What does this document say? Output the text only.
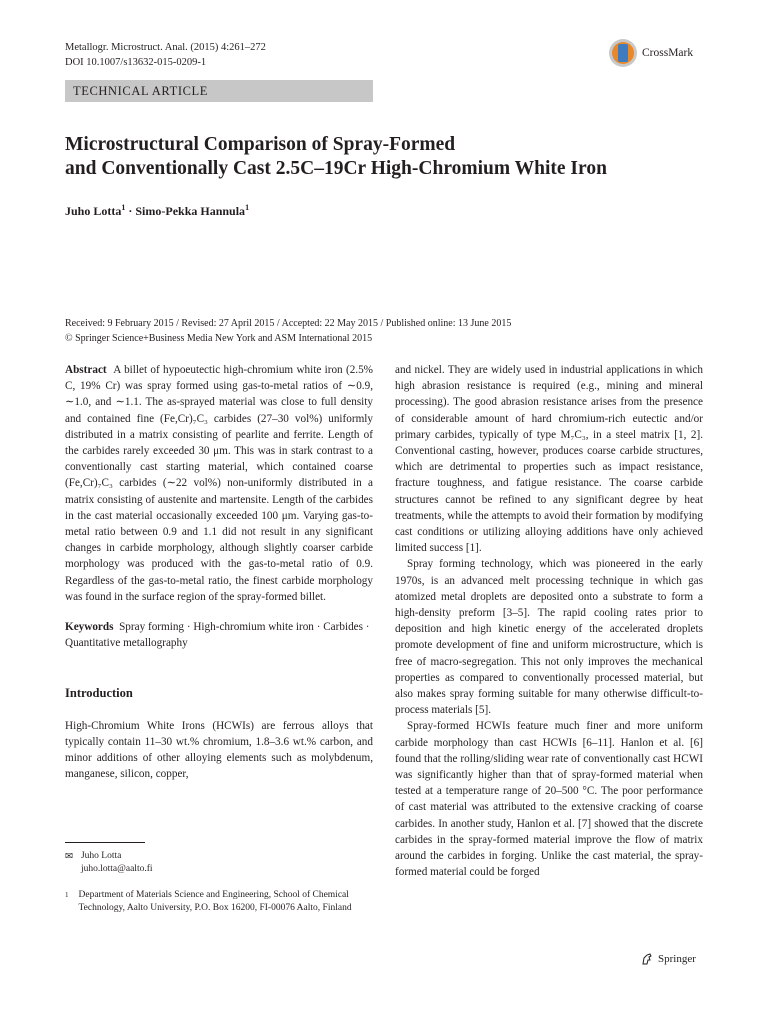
Metallogr. Microstruct. Anal. (2015) 4:261–272
DOI 10.1007/s13632-015-0209-1
CrossMark
TECHNICAL ARTICLE
Microstructural Comparison of Spray-Formed
and Conventionally Cast 2.5C–19Cr High-Chromium White Iron
Juho Lotta$^1$ · Simo-Pekka Hannula$^1$
Received: 9 February 2015 / Revised: 27 April 2015 / Accepted: 22 May 2015 / Published online: 13 June 2015
© Springer Science+Business Media New York and ASM International 2015

Abstract A billet of hypoeutectic high-chromium white iron (2.5% C, 19% Cr) was spray formed using gas-to-metal ratios of ∼0.9, ∼1.0, and ∼1.1. The as-sprayed material was close to full density and contained fine (Fe,Cr)₇C₃ carbides (27–30 vol%) uniformly distributed in a matrix consisting of pearlite and ferrite. Length of the carbides rarely exceeded 30 μm. This was in stark contrast to a conventionally cast starting material, which contained coarse (Fe,Cr)₇C₃ carbides (∼22 vol%) non-uniformly distributed in a matrix consisting of austenite and martensite. Length of the carbides in the cast material occasionally exceeded 100 μm. Varying gas-to-metal ratio between 0.9 and 1.1 did not result in any significant changes in carbide morphology, although slightly coarser carbide morphology was produced with the gas-to-metal ratio of 0.9. Regardless of the gas-to-metal ratio, the finest carbide morphology was found in the surface region of the spray-formed billet.

Keywords Spray forming · High-chromium white iron · Carbides · Quantitative metallography

Introduction

High-Chromium White Irons (HCWIs) are ferrous alloys that typically contain 11–30 wt.% chromium, 1.8–3.6 wt.% carbon, and minor additions of other alloying elements such as molybdenum, manganese, silicon, copper,

✉ Juho Lotta
juho.lotta@aalto.fi
1 Department of Materials Science and Engineering, School of Chemical Technology, Aalto University, P.O. Box 16200, FI-00076 Aalto, Finland

and nickel. They are widely used in industrial applications in which high abrasion resistance is required (e.g., mining and mineral processing). The good abrasion resistance arises from the presence of considerable amount of hard chromium-rich eutectic and/or primary carbides, typically of type M₇C₃, in a steel matrix [1, 2]. Conventional casting, however, produces coarse carbide structures, which are detrimental to properties such as impact resistance, fracture toughness, and fatigue resistance. The coarse carbide structures cannot be refined to any significant degree by heat treatments, while the attempts to avoid their formation by modifying cast conditions or utilizing alloying additions have only achieved limited success [1].

Spray forming technology, which was pioneered in the early 1970s, is an advanced melt processing technique in which gas atomized metal droplets are deposited onto a substrate to form a high-density preform [3–5]. The rapid cooling rates prior to deposition and high kinetic energy of the accelerated droplets promote development of fine and uniform microstructure, which is free of macro-segregation. This not only improves the mechanical properties as compared to conventionally processed material, but also makes spray forming suitable for many otherwise difficult-to-process materials [5].

Spray-formed HCWIs feature much finer and more uniform carbide morphology than cast HCWIs [6–11]. Hanlon et al. [6] found that the rolling/sliding wear rate of conventionally cast HCWI was significantly higher than that of spray-formed material when tested at a temperature range of 20–500 °C. The poor performance of cast material was attributed to the extensive cracking of coarse carbides. In another study, Hanlon et al. [7] showed that the discrete carbides in the spray-formed material improve the flow of matrix around the carbides in forging. Unlike the cast material, the spray-formed material could be forged

Springer
